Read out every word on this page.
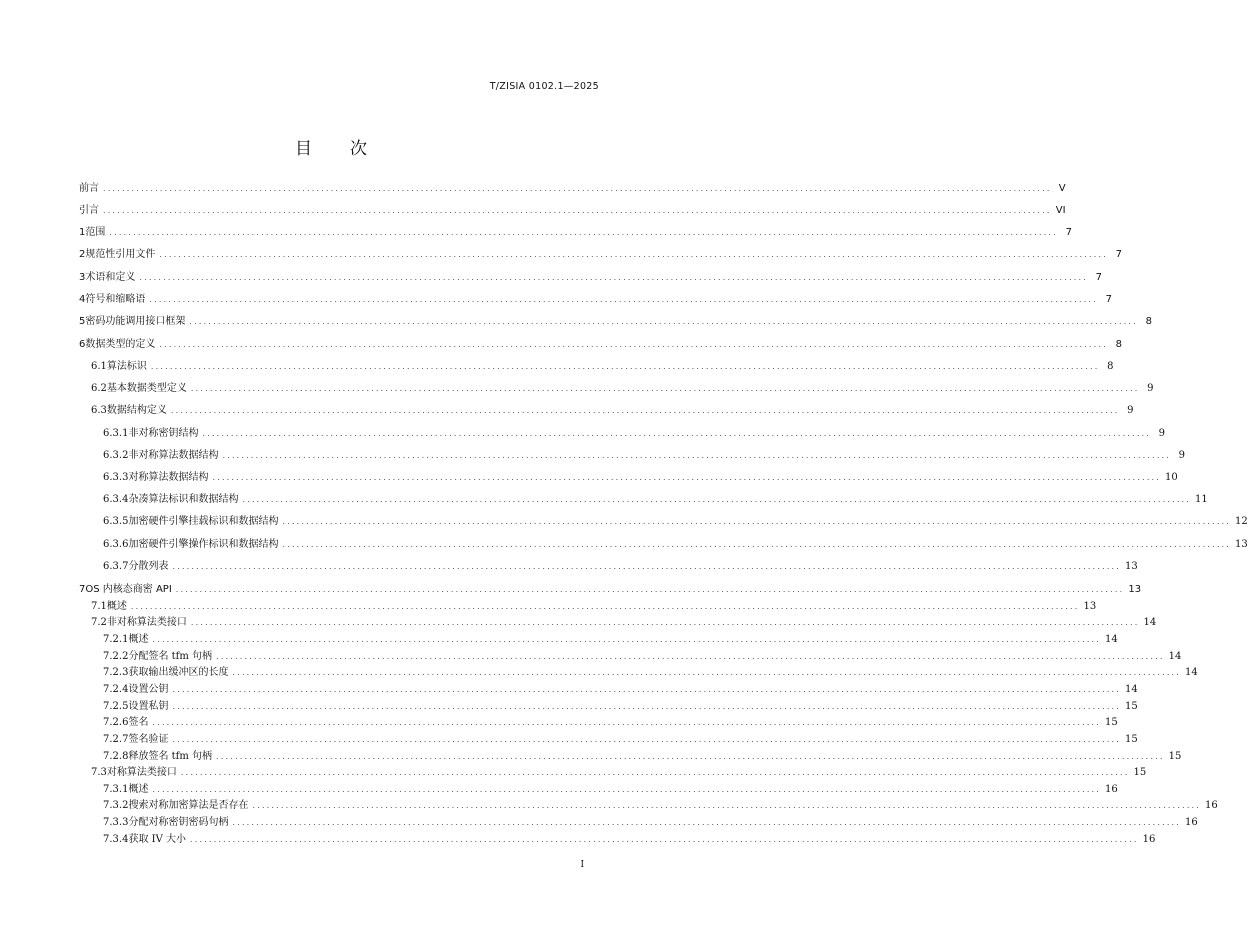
T/ZISIA 0102.1—2025
目次
前言 ........................................................................................................................................................................................................ V
引言 ........................................................................................................................................................................................................ VI
1 范围 ........................................................................................................................................................................................................ 7
2 规范性引用文件 ........................................................................................................................................................................................................ 7
3 术语和定义 ........................................................................................................................................................................................................ 7
4 符号和缩略语 ........................................................................................................................................................................................................ 7
5 密码功能调用接口框架 ........................................................................................................................................................................................................ 8
6 数据类型的定义 ........................................................................................................................................................................................................ 8
6.1 算法标识 ........................................................................................................................................................................................................ 8
6.2 基本数据类型定义 ........................................................................................................................................................................................................ 9
6.3 数据结构定义 ........................................................................................................................................................................................................ 9
6.3.1 非对称密钥结构 ........................................................................................................................................................................................................ 9
6.3.2 非对称算法数据结构 ........................................................................................................................................................................................................ 9
6.3.3 对称算法数据结构 ........................................................................................................................................................................................................ 10
6.3.4 杂凑算法标识和数据结构 ........................................................................................................................................................................................................ 11
6.3.5 加密硬件引擎挂载标识和数据结构 ........................................................................................................................................................................................................ 12
6.3.6 加密硬件引擎操作标识和数据结构 ........................................................................................................................................................................................................ 13
6.3.7 分散列表 ........................................................................................................................................................................................................ 13
7 OS 内核态商密 API ........................................................................................................................................................................................................ 13
7.1 概述 ........................................................................................................................................................................................................ 13
7.2 非对称算法类接口 ........................................................................................................................................................................................................ 14
7.2.1 概述 ........................................................................................................................................................................................................ 14
7.2.2 分配签名 tfm 句柄 ........................................................................................................................................................................................................ 14
7.2.3 获取输出缓冲区的长度 ........................................................................................................................................................................................................ 14
7.2.4 设置公钥 ........................................................................................................................................................................................................ 14
7.2.5 设置私钥 ........................................................................................................................................................................................................ 15
7.2.6 签名 ........................................................................................................................................................................................................ 15
7.2.7 签名验证 ........................................................................................................................................................................................................ 15
7.2.8 释放签名 tfm 句柄 ........................................................................................................................................................................................................ 15
7.3 对称算法类接口 ........................................................................................................................................................................................................ 15
7.3.1 概述 ........................................................................................................................................................................................................ 16
7.3.2 搜索对称加密算法是否存在 ........................................................................................................................................................................................................ 16
7.3.3 分配对称密钥密码句柄 ........................................................................................................................................................................................................ 16
7.3.4 获取 IV 大小 ........................................................................................................................................................................................................ 16
I
